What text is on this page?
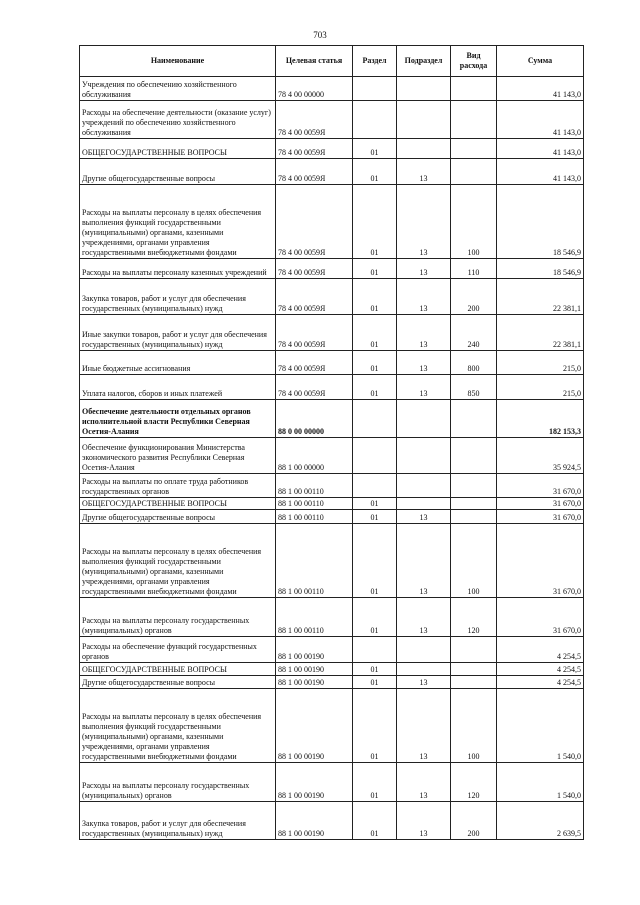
703
Наименование	Целевая статья	Раздел	Подраздел	Вид расхода	Сумма
Учреждения по обеспечению хозяйственного обслуживания	78 4 00 00000				41 143,0
Расходы на обеспечение деятельности (оказание услуг) учреждений по обеспечению хозяйственного обслуживания	78 4 00 0059Я				41 143,0
ОБЩЕГОСУДАРСТВЕННЫЕ ВОПРОСЫ	78 4 00 0059Я	01			41 143,0
Другие общегосударственные вопросы	78 4 00 0059Я	01	13		41 143,0
Расходы на выплаты персоналу в целях обеспечения выполнения функций государственными (муниципальными) органами, казенными учреждениями, органами управления государственными внебюджетными фондами	78 4 00 0059Я	01	13	100	18 546,9
Расходы на выплаты персоналу казенных учреждений	78 4 00 0059Я	01	13	110	18 546,9
Закупка товаров, работ и услуг для обеспечения государственных (муниципальных) нужд	78 4 00 0059Я	01	13	200	22 381,1
Иные закупки товаров, работ и услуг для обеспечения государственных (муниципальных) нужд	78 4 00 0059Я	01	13	240	22 381,1
Иные бюджетные ассигнования	78 4 00 0059Я	01	13	800	215,0
Уплата налогов, сборов и иных платежей	78 4 00 0059Я	01	13	850	215,0
Обеспечение деятельности отдельных органов исполнительной власти Республики Северная Осетия-Алания	88 0 00 00000				182 153,3
Обеспечение функционирования Министерства экономического развития Республики Северная Осетия-Алания	88 1 00 00000				35 924,5
Расходы на выплаты по оплате труда работников государственных органов	88 1 00 00110				31 670,0
ОБЩЕГОСУДАРСТВЕННЫЕ ВОПРОСЫ	88 1 00 00110	01			31 670,0
Другие общегосударственные вопросы	88 1 00 00110	01	13		31 670,0
Расходы на выплаты персоналу в целях обеспечения выполнения функций государственными (муниципальными) органами, казенными учреждениями, органами управления государственными внебюджетными фондами	88 1 00 00110	01	13	100	31 670,0
Расходы на выплаты персоналу государственных (муниципальных) органов	88 1 00 00110	01	13	120	31 670,0
Расходы на обеспечение функций государственных органов	88 1 00 00190				4 254,5
ОБЩЕГОСУДАРСТВЕННЫЕ ВОПРОСЫ	88 1 00 00190	01			4 254,5
Другие общегосударственные вопросы	88 1 00 00190	01	13		4 254,5
Расходы на выплаты персоналу в целях обеспечения выполнения функций государственными (муниципальными) органами, казенными учреждениями, органами управления государственными внебюджетными фондами	88 1 00 00190	01	13	100	1 540,0
Расходы на выплаты персоналу государственных (муниципальных) органов	88 1 00 00190	01	13	120	1 540,0
Закупка товаров, работ и услуг для обеспечения государственных (муниципальных) нужд	88 1 00 00190	01	13	200	2 639,5
